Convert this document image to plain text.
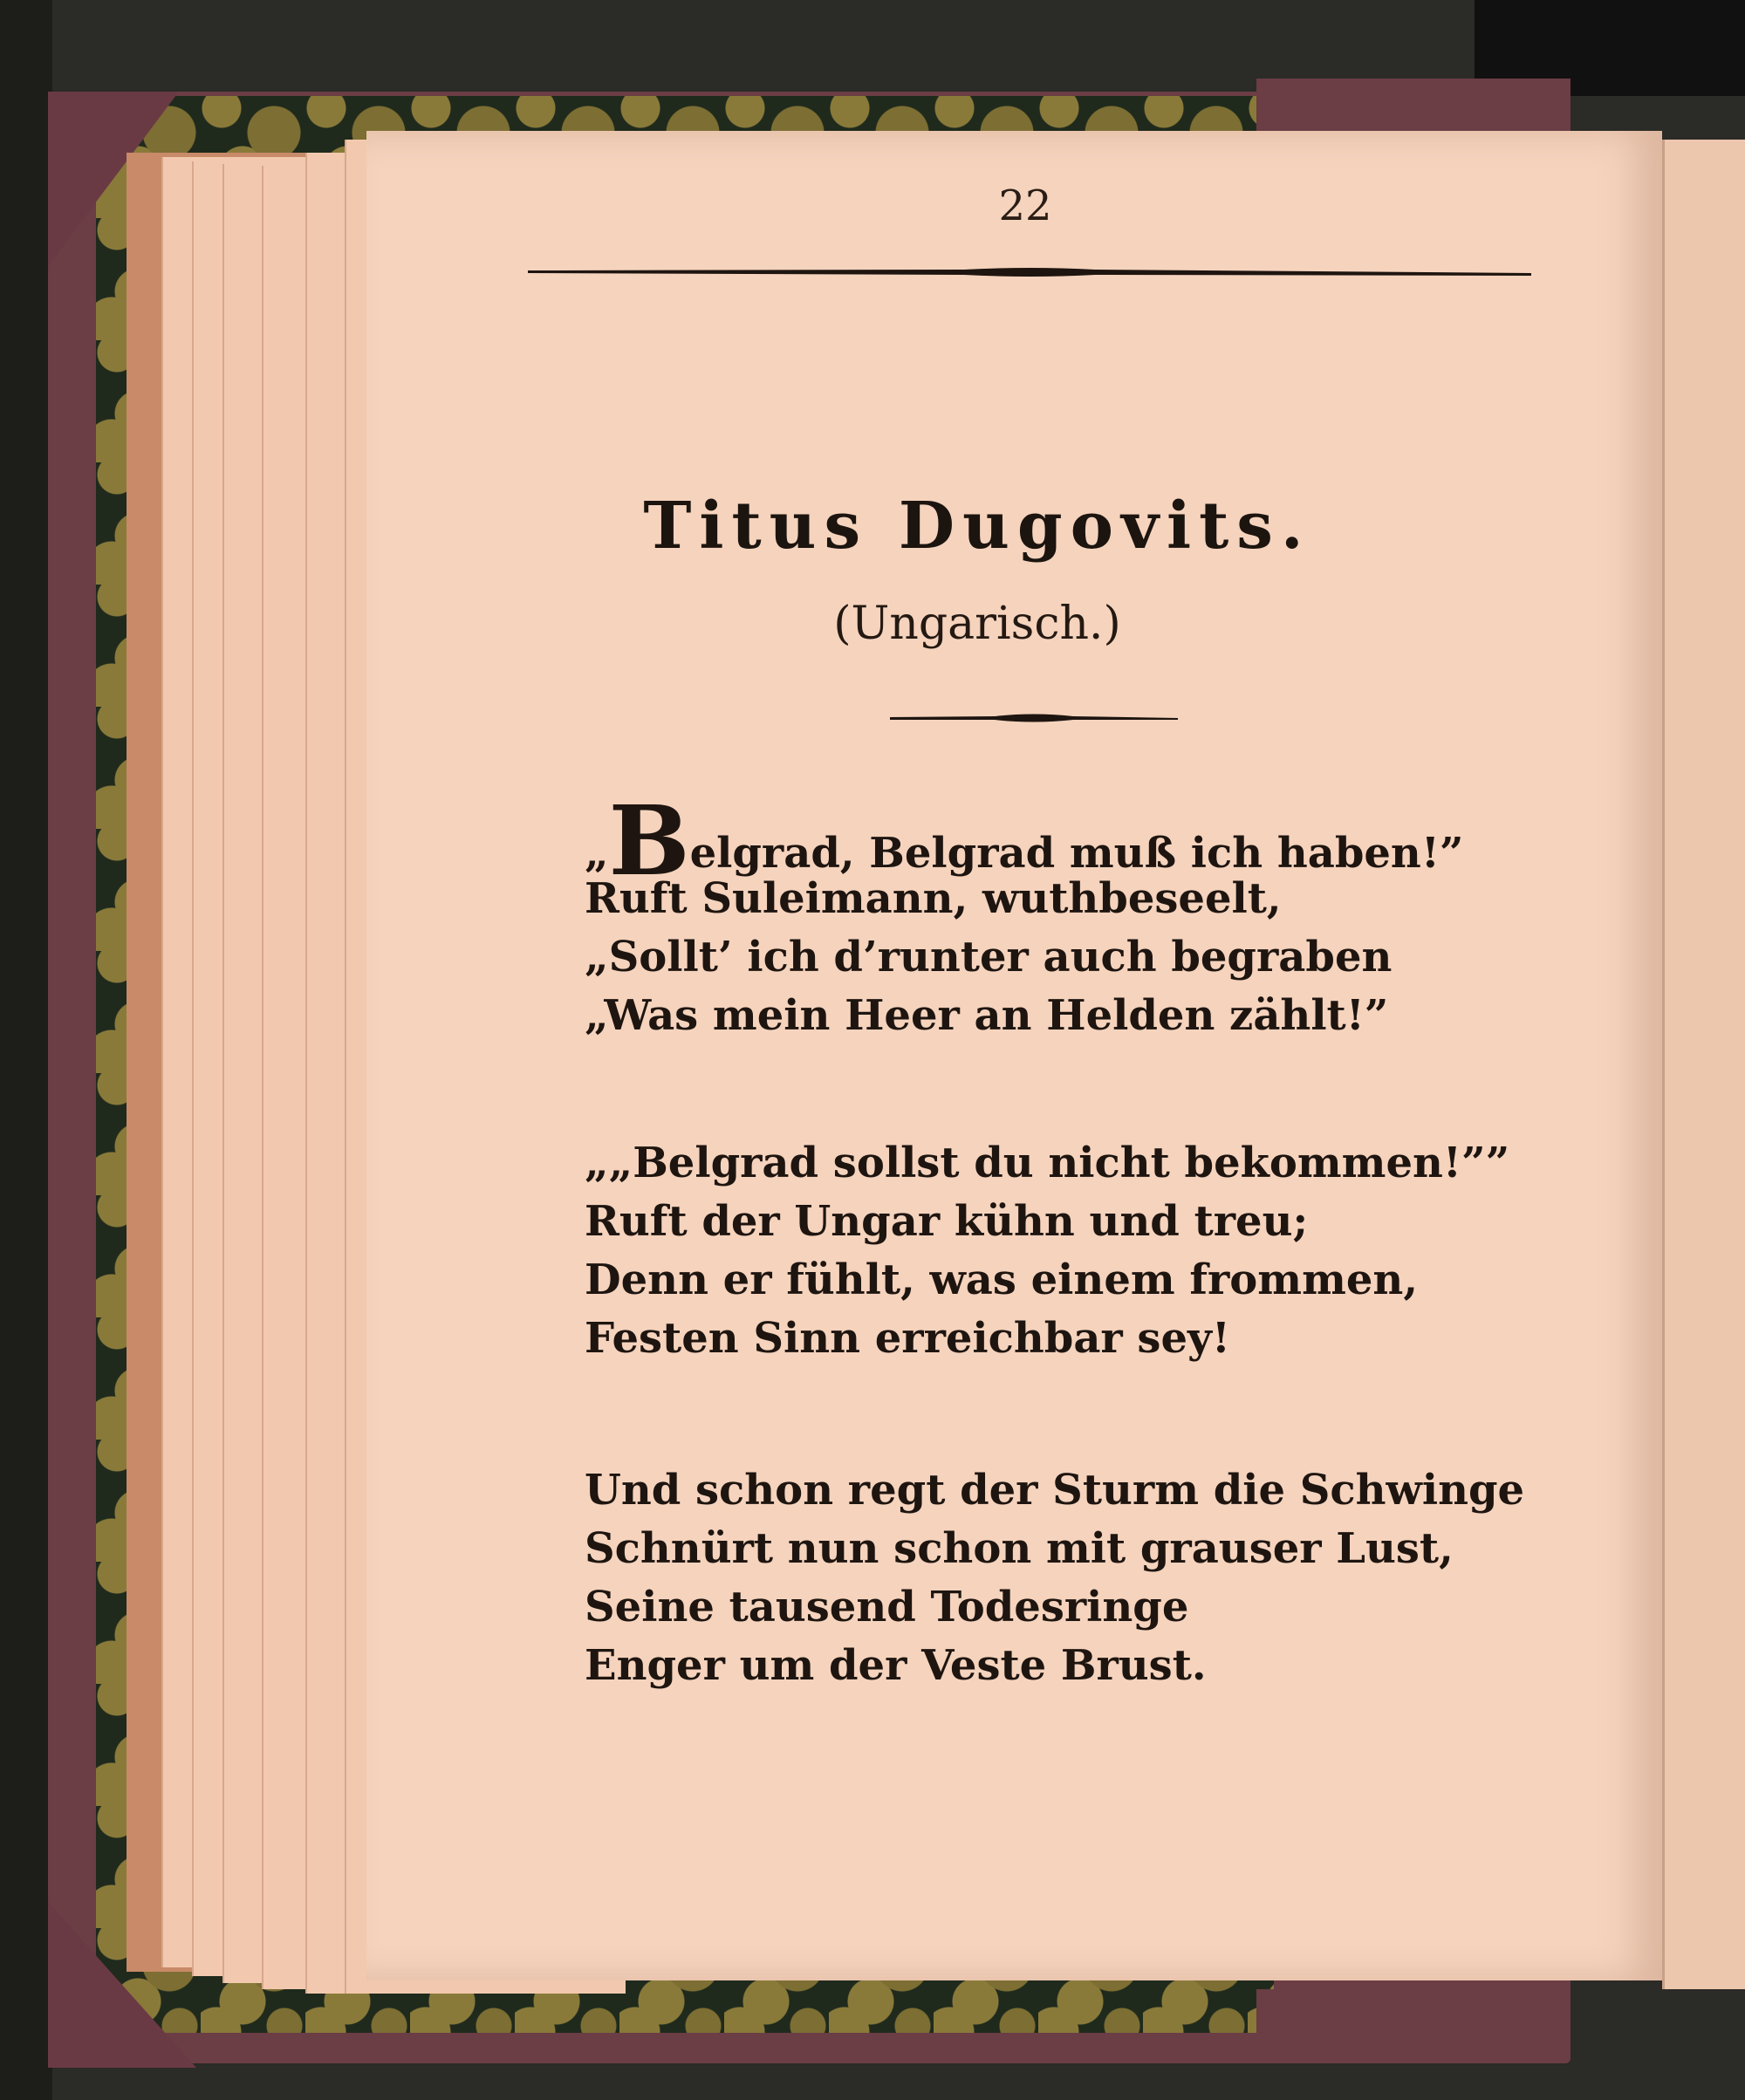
22
Titus Dugovits.
(Ungarisch.)
„Belgrad, Belgrad muß ich haben!”
Ruft Suleimann, wuthbeseelt,
„Sollt’ ich d’runter auch begraben
„Was mein Heer an Helden zählt!”
„„Belgrad sollst du nicht bekommen!””
Ruft der Ungar kühn und treu;
Denn er fühlt, was einem frommen,
Festen Sinn erreichbar sey!
Und schon regt der Sturm die Schwinge
Schnürt nun schon mit grauser Lust,
Seine tausend Todesringe
Enger um der Veste Brust.
